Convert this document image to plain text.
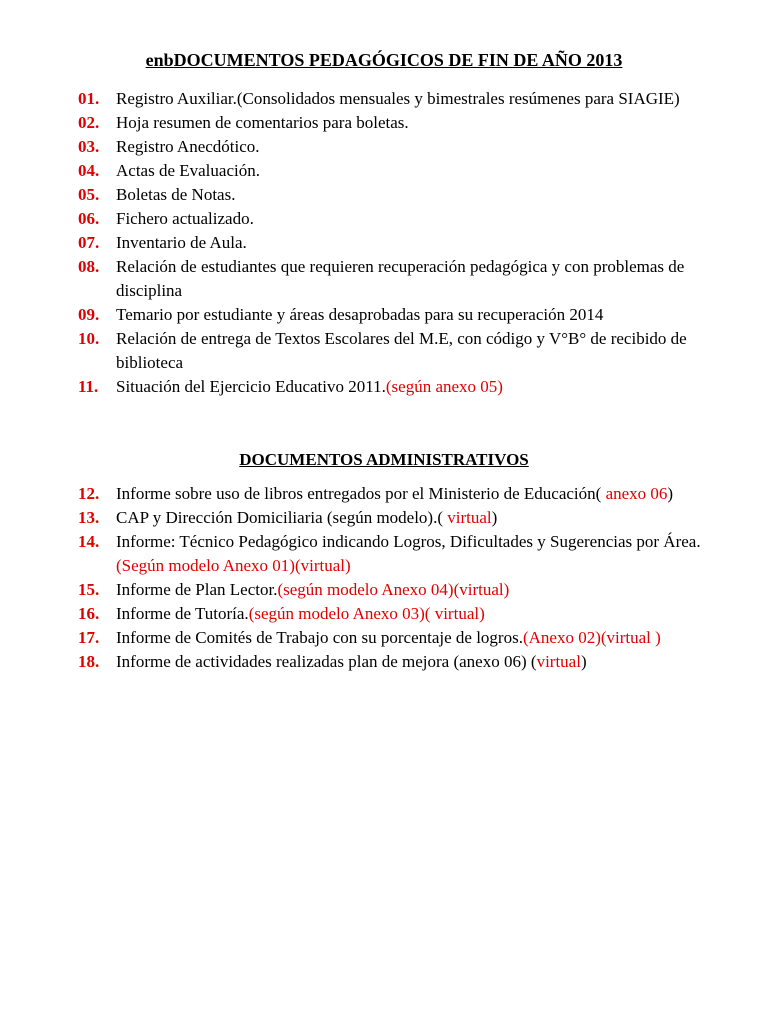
enbDOCUMENTOS PEDAGÓGICOS DE FIN DE AÑO 2013
01. Registro Auxiliar.(Consolidados mensuales y bimestrales resúmenes para SIAGIE)
02. Hoja resumen de comentarios para boletas.
03. Registro Anecdótico.
04. Actas de Evaluación.
05. Boletas de Notas.
06. Fichero actualizado.
07. Inventario de Aula.
08. Relación de estudiantes que requieren recuperación pedagógica y con problemas de disciplina
09. Temario por estudiante y áreas desaprobadas para su recuperación 2014
10. Relación de entrega de Textos Escolares del M.E, con código y V°B° de recibido de biblioteca
11.	Situación del Ejercicio Educativo 2011.(según anexo 05)
DOCUMENTOS ADMINISTRATIVOS
12. Informe sobre uso de libros entregados por el Ministerio de Educación( anexo 06)
13. CAP y Dirección Domiciliaria (según modelo).( virtual)
14. Informe: Técnico Pedagógico indicando Logros, Dificultades y Sugerencias por Área.(Según modelo Anexo 01)(virtual)
15. Informe de Plan Lector.(según modelo Anexo 04)(virtual)
16. Informe de Tutoría.(según modelo Anexo 03)( virtual)
17. Informe de Comités de Trabajo con su porcentaje de logros.(Anexo 02)(virtual )
18. Informe de actividades realizadas plan de mejora (anexo 06) (virtual)
